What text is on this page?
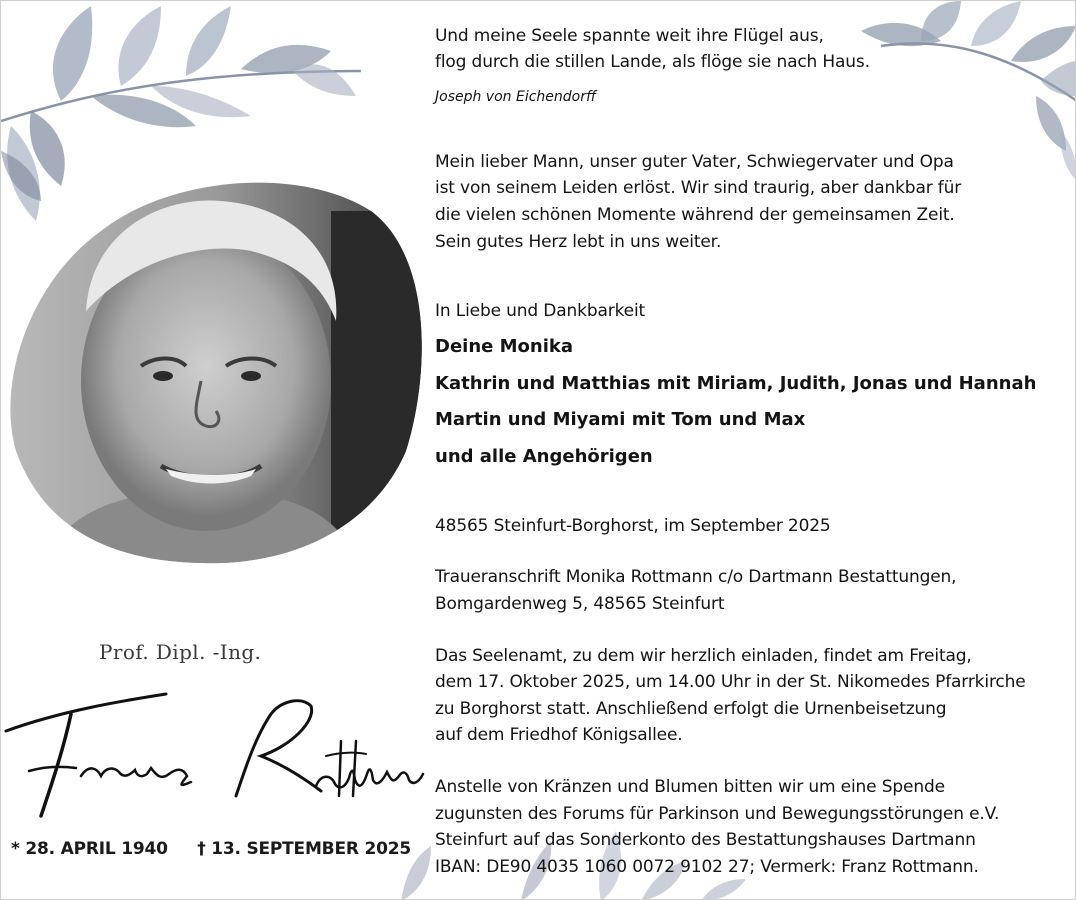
Und meine Seele spannte weit ihre Flügel aus,
flog durch die stillen Lande, als flöge sie nach Haus.
Joseph von Eichendorff
Mein lieber Mann, unser guter Vater, Schwiegervater und Opa
ist von seinem Leiden erlöst. Wir sind traurig, aber dankbar für
die vielen schönen Momente während der gemeinsamen Zeit.
Sein gutes Herz lebt in uns weiter.
In Liebe und Dankbarkeit
Deine Monika
Kathrin und Matthias mit Miriam, Judith, Jonas und Hannah
Martin und Miyami mit Tom und Max
und alle Angehörigen
48565 Steinfurt-Borghorst, im September 2025
Traueranschrift Monika Rottmann c/o Dartmann Bestattungen,
Bomgardenweg 5, 48565 Steinfurt
Das Seelenamt, zu dem wir herzlich einladen, findet am Freitag,
dem 17. Oktober 2025, um 14.00 Uhr in der St. Nikomedes Pfarrkirche
zu Borghorst statt. Anschließend erfolgt die Urnenbeisetzung
auf dem Friedhof Königsallee.
Anstelle von Kränzen und Blumen bitten wir um eine Spende
zugunsten des Forums für Parkinson und Bewegungsstörungen e.V.
Steinfurt auf das Sonderkonto des Bestattungshauses Dartmann
IBAN: DE90 4035 1060 0072 9102 27; Vermerk: Franz Rottmann.
Prof. Dipl. -Ing.
* 28. APRIL 1940 † 13. SEPTEMBER 2025
